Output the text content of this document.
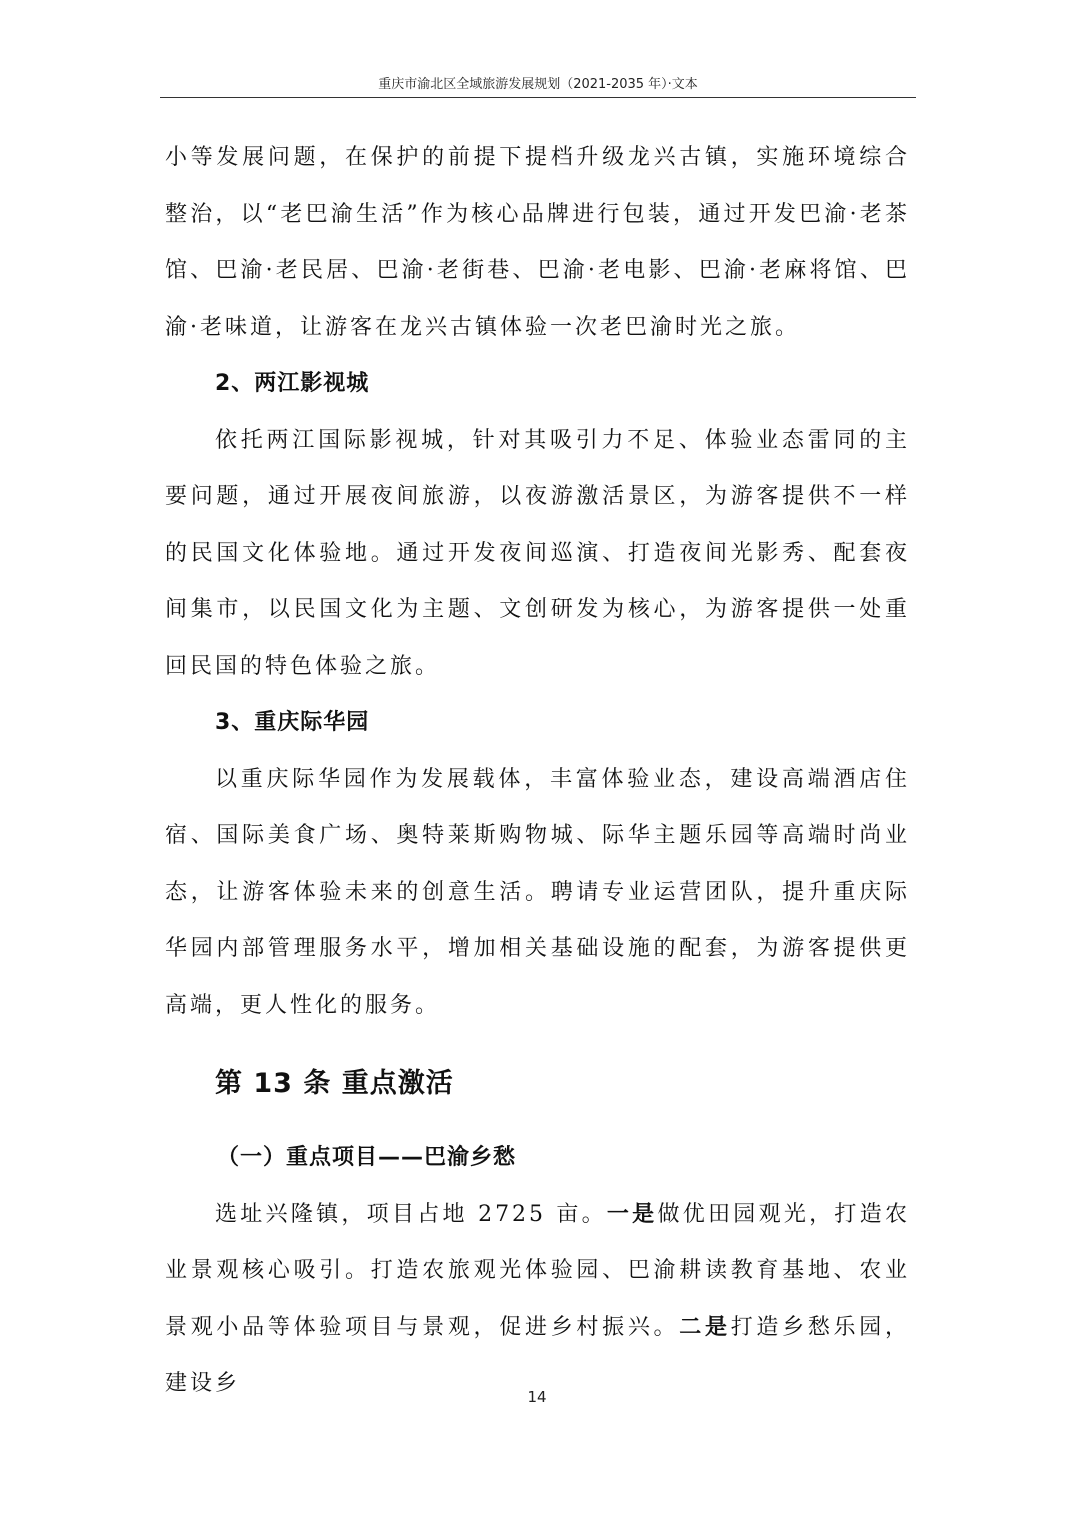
重庆市渝北区全域旅游发展规划（2021-2035 年）·文本

小等发展问题，在保护的前提下提档升级龙兴古镇，实施环境综合整治，以“老巴渝生活”作为核心品牌进行包装，通过开发巴渝·老茶馆、巴渝·老民居、巴渝·老街巷、巴渝·老电影、巴渝·老麻将馆、巴渝·老味道，让游客在龙兴古镇体验一次老巴渝时光之旅。

2、两江影视城

依托两江国际影视城，针对其吸引力不足、体验业态雷同的主要问题，通过开展夜间旅游，以夜游激活景区，为游客提供不一样的民国文化体验地。通过开发夜间巡演、打造夜间光影秀、配套夜间集市，以民国文化为主题、文创研发为核心，为游客提供一处重回民国的特色体验之旅。

3、重庆际华园

以重庆际华园作为发展载体，丰富体验业态，建设高端酒店住宿、国际美食广场、奥特莱斯购物城、际华主题乐园等高端时尚业态，让游客体验未来的创意生活。聘请专业运营团队，提升重庆际华园内部管理服务水平，增加相关基础设施的配套，为游客提供更高端，更人性化的服务。

第 13 条 重点激活

（一）重点项目——巴渝乡愁

选址兴隆镇，项目占地 2725 亩。一是做优田园观光，打造农业景观核心吸引。打造农旅观光体验园、巴渝耕读教育基地、农业景观小品等体验项目与景观，促进乡村振兴。二是打造乡愁乐园，建设乡

14
